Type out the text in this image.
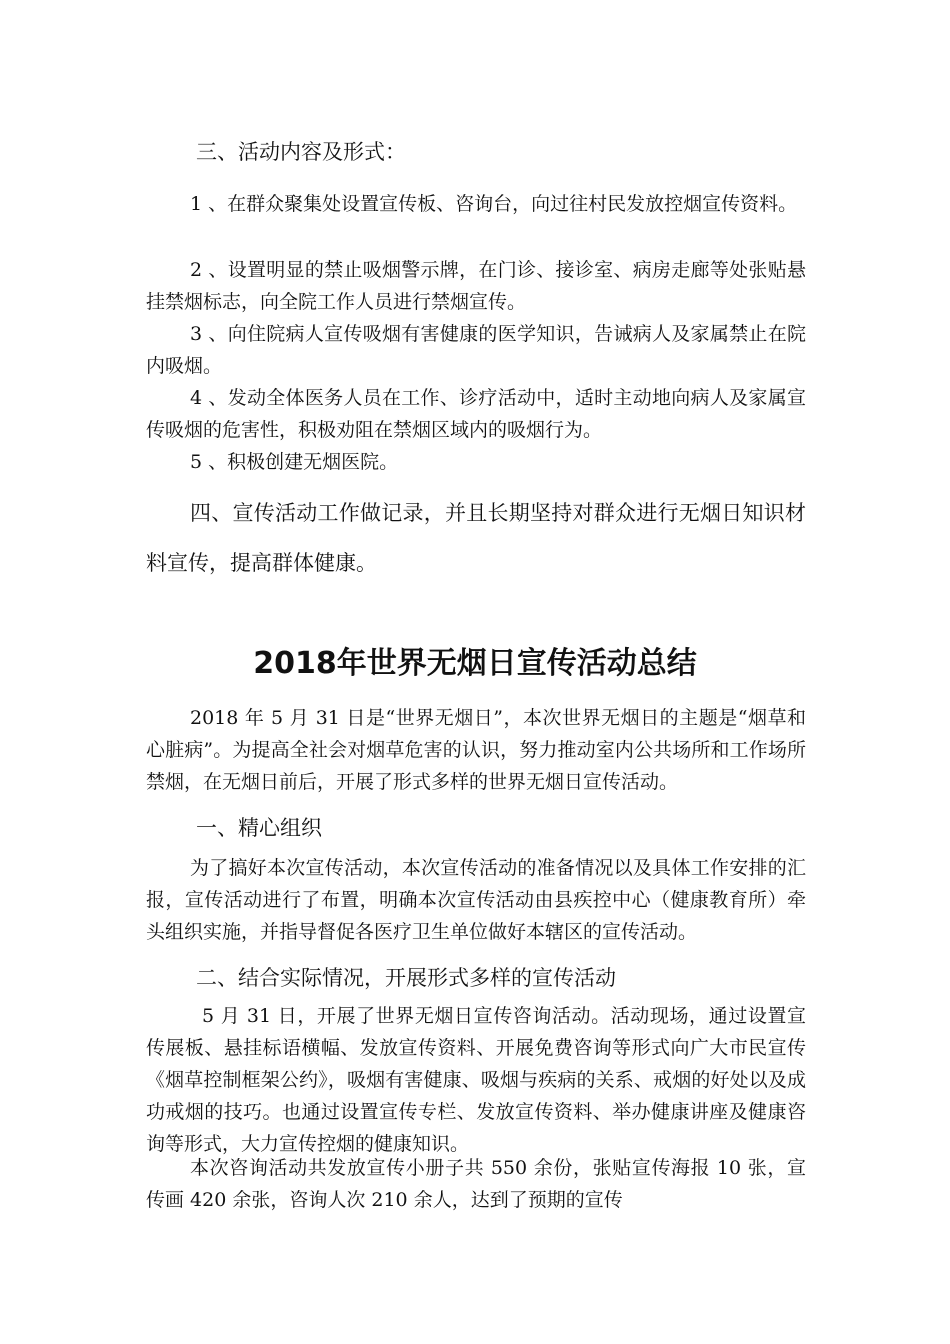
三、活动内容及形式：
1 、在群众聚集处设置宣传板、咨询台，向过往村民发放控烟宣传资料。
2 、设置明显的禁止吸烟警示牌，在门诊、接诊室、病房走廊等处张贴悬挂禁烟标志，向全院工作人员进行禁烟宣传。
3 、向住院病人宣传吸烟有害健康的医学知识，告诫病人及家属禁止在院内吸烟。
4 、发动全体医务人员在工作、诊疗活动中，适时主动地向病人及家属宣传吸烟的危害性，积极劝阻在禁烟区域内的吸烟行为。
5 、积极创建无烟医院。
四、宣传活动工作做记录，并且长期坚持对群众进行无烟日知识材料宣传，提高群体健康。
2018年世界无烟日宣传活动总结
2018 年 5 月 31 日是“世界无烟日”，本次世界无烟日的主题是“烟草和心脏病”。为提高全社会对烟草危害的认识，努力推动室内公共场所和工作场所禁烟，在无烟日前后，开展了形式多样的世界无烟日宣传活动。
一、精心组织
为了搞好本次宣传活动，本次宣传活动的准备情况以及具体工作安排的汇报，宣传活动进行了布置，明确本次宣传活动由县疾控中心（健康教育所）牵头组织实施，并指导督促各医疗卫生单位做好本辖区的宣传活动。
二、结合实际情况，开展形式多样的宣传活动
5 月 31 日，开展了世界无烟日宣传咨询活动。活动现场，通过设置宣传展板、悬挂标语横幅、发放宣传资料、开展免费咨询等形式向广大市民宣传《烟草控制框架公约》，吸烟有害健康、吸烟与疾病的关系、戒烟的好处以及成功戒烟的技巧。也通过设置宣传专栏、发放宣传资料、举办健康讲座及健康咨询等形式，大力宣传控烟的健康知识。
本次咨询活动共发放宣传小册子共 550 余份，张贴宣传海报 10 张，宣传画 420 余张，咨询人次 210 余人，达到了预期的宣传
